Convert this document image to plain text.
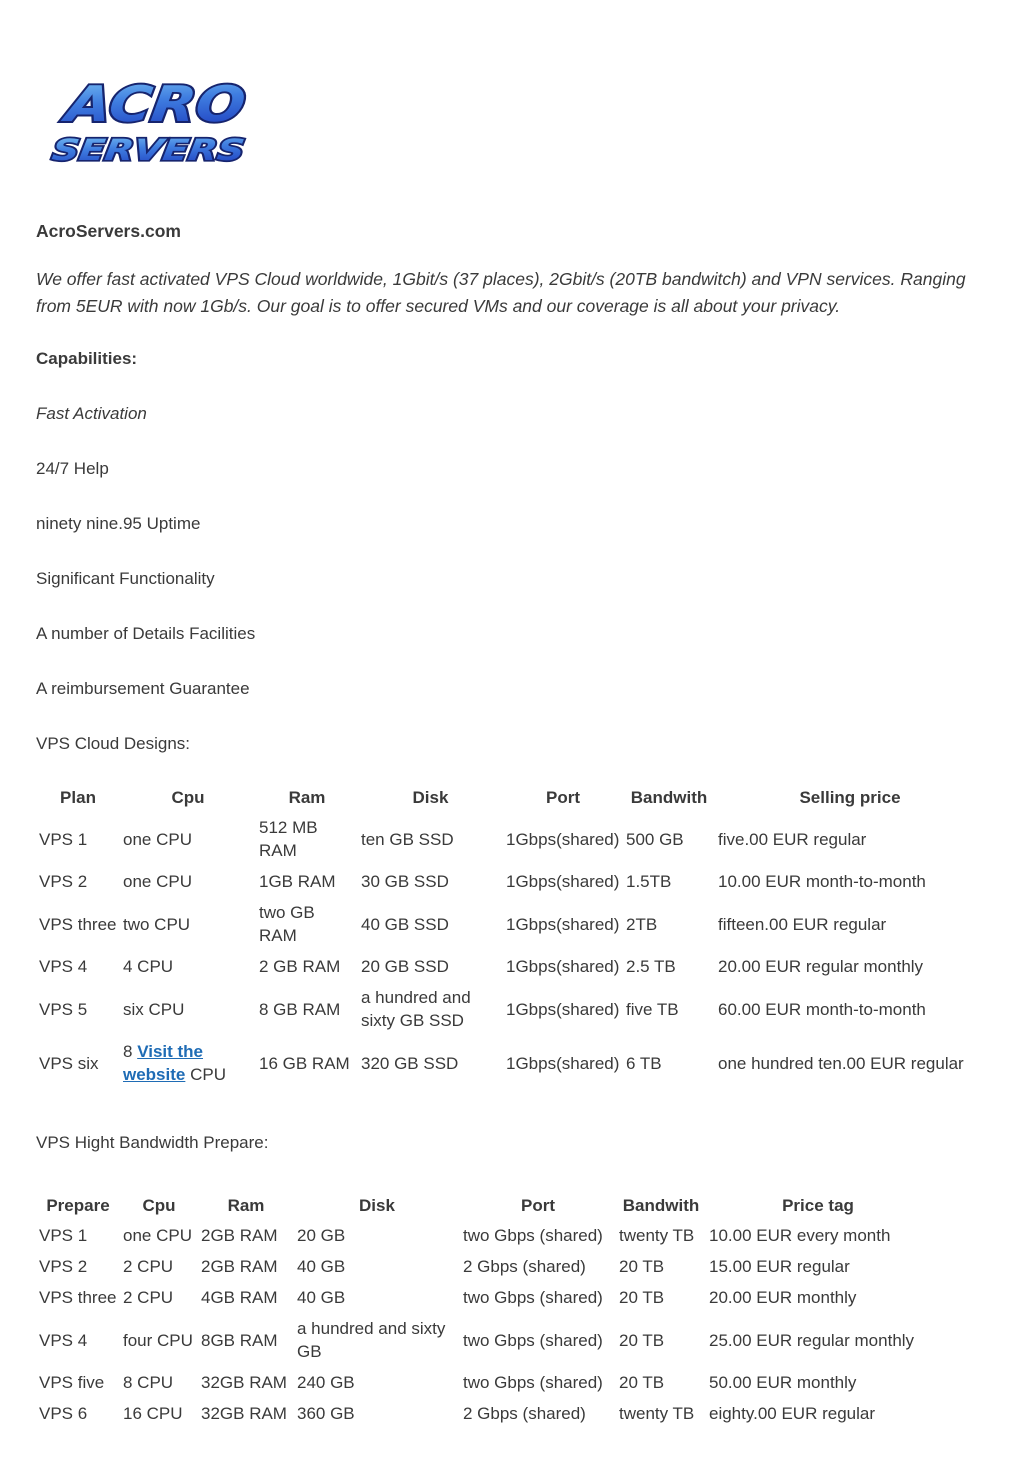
ACRO
SERVERS

AcroServers.com

We offer fast activated VPS Cloud worldwide, 1Gbit/s (37 places), 2Gbit/s (20TB bandwitch) and VPN services. Ranging from 5EUR with now 1Gb/s. Our goal is to offer secured VMs and our coverage is all about your privacy.

Capabilities:

Fast Activation

24/7 Help

ninety nine.95 Uptime

Significant Functionality

A number of Details Facilities

A reimbursement Guarantee

VPS Cloud Designs:

Plan	Cpu	Ram	Disk	Port	Bandwith	Selling price
VPS 1	one CPU	512 MB RAM	ten GB SSD	1Gbps(shared)	500 GB	five.00 EUR regular
VPS 2	one CPU	1GB RAM	30 GB SSD	1Gbps(shared)	1.5TB	10.00 EUR month-to-month
VPS three	two CPU	two GB RAM	40 GB SSD	1Gbps(shared)	2TB	fifteen.00 EUR regular
VPS 4	4 CPU	2 GB RAM	20 GB SSD	1Gbps(shared)	2.5 TB	20.00 EUR regular monthly
VPS 5	six CPU	8 GB RAM	a hundred and sixty GB SSD	1Gbps(shared)	five TB	60.00 EUR month-to-month
VPS six	8 Visit the website CPU	16 GB RAM	320 GB SSD	1Gbps(shared)	6 TB	one hundred ten.00 EUR regular

VPS Hight Bandwidth Prepare:

Prepare	Cpu	Ram	Disk	Port	Bandwith	Price tag
VPS 1	one CPU	2GB RAM	20 GB	two Gbps (shared)	twenty TB	10.00 EUR every month
VPS 2	2 CPU	2GB RAM	40 GB	2 Gbps (shared)	20 TB	15.00 EUR regular
VPS three	2 CPU	4GB RAM	40 GB	two Gbps (shared)	20 TB	20.00 EUR monthly
VPS 4	four CPU	8GB RAM	a hundred and sixty GB	two Gbps (shared)	20 TB	25.00 EUR regular monthly
VPS five	8 CPU	32GB RAM	240 GB	two Gbps (shared)	20 TB	50.00 EUR monthly
VPS 6	16 CPU	32GB RAM	360 GB	2 Gbps (shared)	twenty TB	eighty.00 EUR regular
